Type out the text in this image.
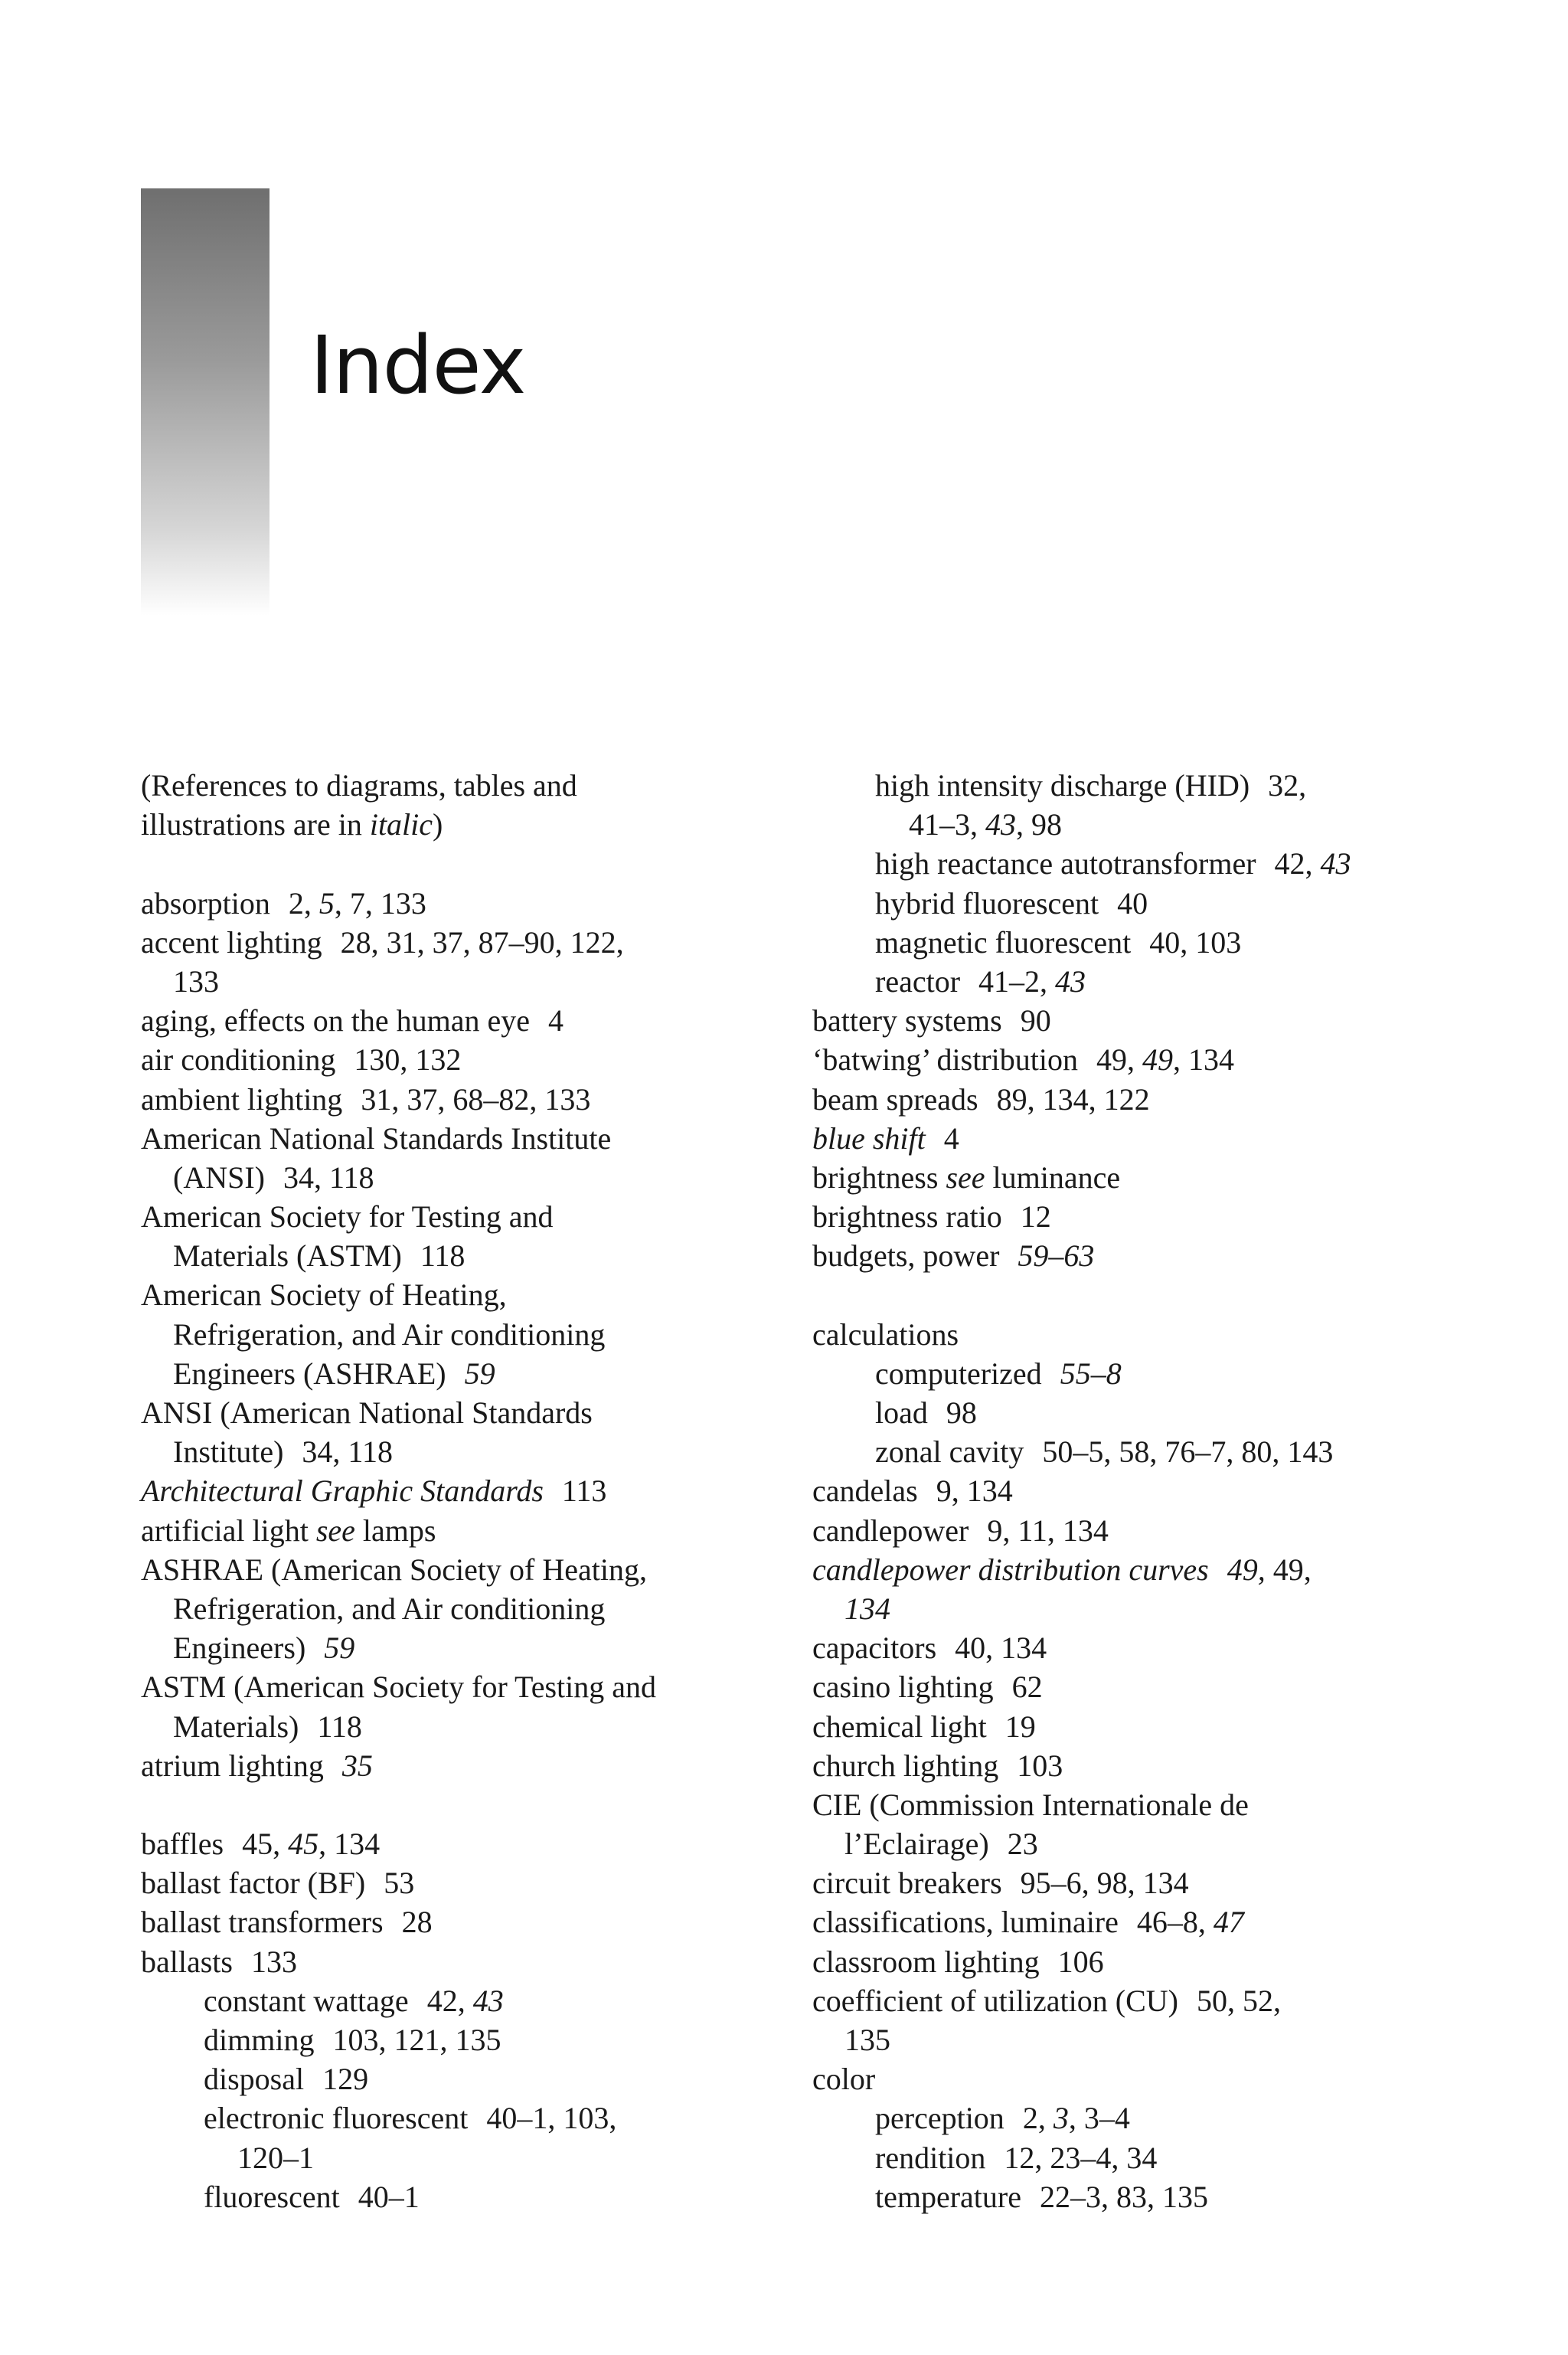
Index
(References to diagrams, tables and
illustrations are in italic)
absorption 2, 5, 7, 133
accent lighting 28, 31, 37, 87–90, 122,
133
aging, effects on the human eye 4
air conditioning 130, 132
ambient lighting 31, 37, 68–82, 133
American National Standards Institute
(ANSI) 34, 118
American Society for Testing and
Materials (ASTM) 118
American Society of Heating,
Refrigeration, and Air conditioning
Engineers (ASHRAE) 59
ANSI (American National Standards
Institute) 34, 118
Architectural Graphic Standards 113
artificial light see lamps
ASHRAE (American Society of Heating,
Refrigeration, and Air conditioning
Engineers) 59
ASTM (American Society for Testing and
Materials) 118
atrium lighting 35
baffles 45, 45, 134
ballast factor (BF) 53
ballast transformers 28
ballasts 133
constant wattage 42, 43
dimming 103, 121, 135
disposal 129
electronic fluorescent 40–1, 103,
120–1
fluorescent 40–1
high intensity discharge (HID) 32,
41–3, 43, 98
high reactance autotransformer 42, 43
hybrid fluorescent 40
magnetic fluorescent 40, 103
reactor 41–2, 43
battery systems 90
‘batwing’ distribution 49, 49, 134
beam spreads 89, 134, 122
blue shift 4
brightness see luminance
brightness ratio 12
budgets, power 59–63
calculations
computerized 55–8
load 98
zonal cavity 50–5, 58, 76–7, 80, 143
candelas 9, 134
candlepower 9, 11, 134
candlepower distribution curves 49, 49,
134
capacitors 40, 134
casino lighting 62
chemical light 19
church lighting 103
CIE (Commission Internationale de
l’Eclairage) 23
circuit breakers 95–6, 98, 134
classifications, luminaire 46–8, 47
classroom lighting 106
coefficient of utilization (CU) 50, 52,
135
color
perception 2, 3, 3–4
rendition 12, 23–4, 34
temperature 22–3, 83, 135
